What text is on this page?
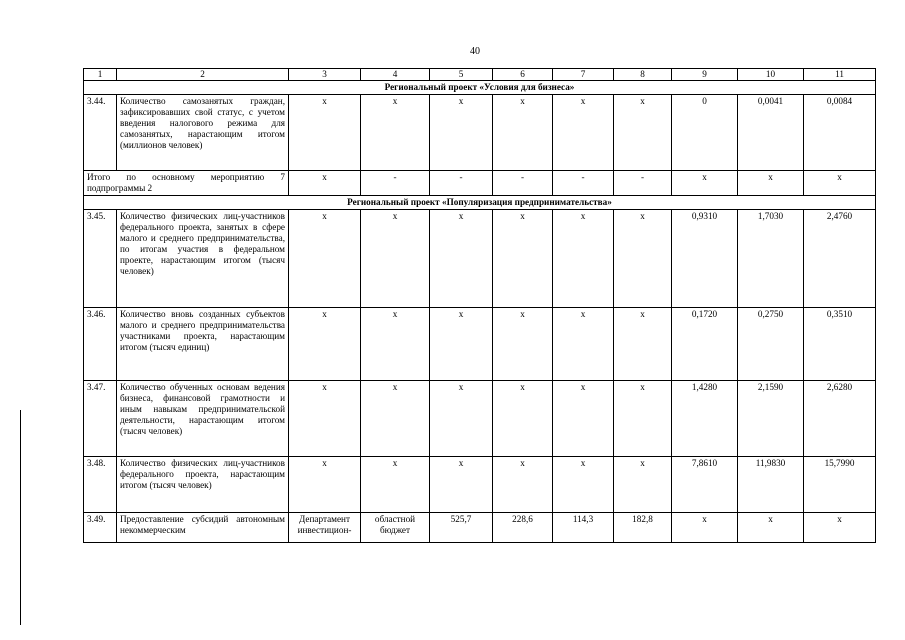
40
1	2	3	4	5	6	7	8	9	10	11
Региональный проект «Условия для бизнеса»										
3.44.	Количество самозанятых граждан, зафиксировавших свой статус, с учетом введения налогового режима для самозанятых, нарастающим итогом (миллионов человек)	х	х	х	х	х	х	0	0,0041	0,0084
Итого по основному мероприятию 7 подпрограммы 2		х	-	-	-	-	-	х	х	х
Региональный проект «Популяризация предпринимательства»										
3.45.	Количество физических лиц-участников федерального проекта, занятых в сфере малого и среднего предпринимательства, по итогам участия в федеральном проекте, нарастающим итогом (тысяч человек)	х	х	х	х	х	х	0,9310	1,7030	2,4760
3.46.	Количество вновь созданных субъектов малого и среднего предпринимательства участниками проекта, нарастающим итогом (тысяч единиц)	х	х	х	х	х	х	0,1720	0,2750	0,3510
3.47.	Количество обученных основам ведения бизнеса, финансовой грамотности и иным навыкам предпринимательской деятельности, нарастающим итогом (тысяч человек)	х	х	х	х	х	х	1,4280	2,1590	2,6280
3.48.	Количество физических лиц-участников федерального проекта, нарастающим итогом (тысяч человек)	х	х	х	х	х	х	7,8610	11,9830	15,7990
3.49.	Предоставление субсидий автономным некоммерческим	Департамент инвестицион-	областной бюджет	525,7	228,6	114,3	182,8	х	х	х
